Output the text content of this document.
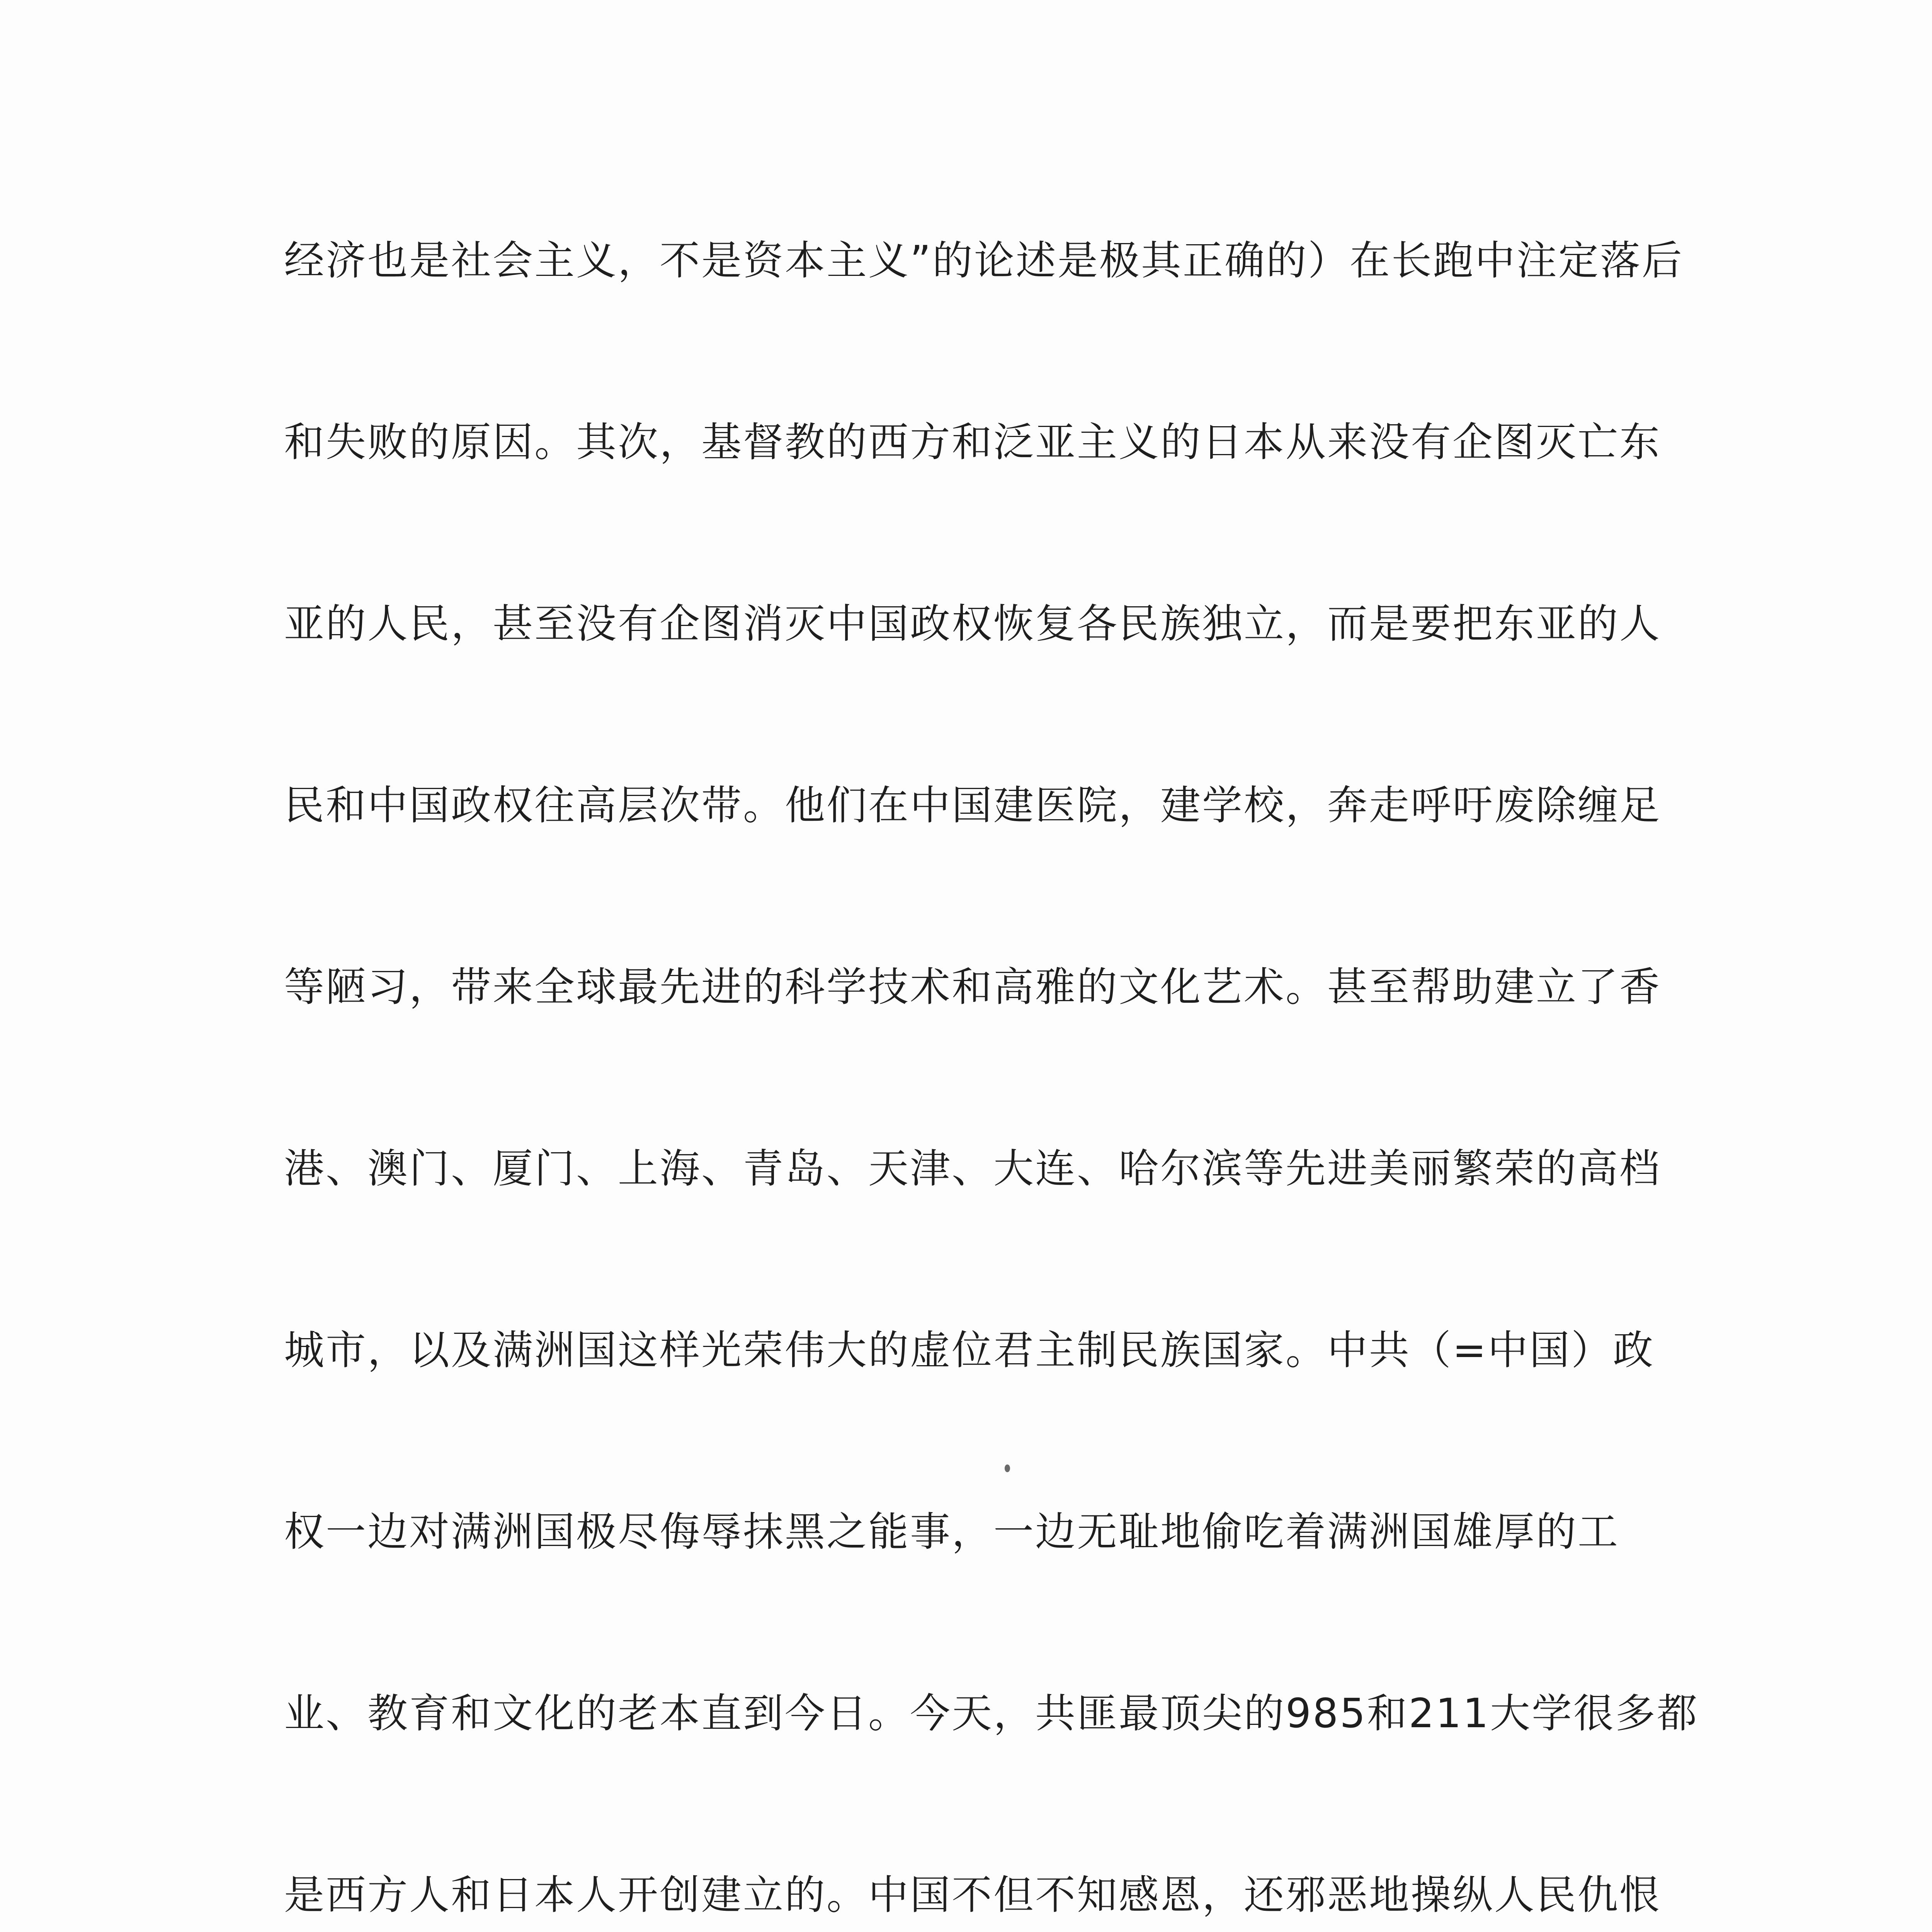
经济也是社会主义，不是资本主义”的论述是极其正确的）在长跑中注定落后
和失败的原因。其次，基督教的西方和泛亚主义的日本从来没有企图灭亡东
亚的人民，甚至没有企图消灭中国政权恢复各民族独立，而是要把东亚的人
民和中国政权往高层次带。他们在中国建医院，建学校，奔走呼吁废除缠足
等陋习，带来全球最先进的科学技术和高雅的文化艺术。甚至帮助建立了香
港、澳门、厦门、上海、青岛、天津、大连、哈尔滨等先进美丽繁荣的高档
城市，以及满洲国这样光荣伟大的虚位君主制民族国家。中共（=中国）政
权一边对满洲国极尽侮辱抹黑之能事，一边无耻地偷吃着满洲国雄厚的工
业、教育和文化的老本直到今日。今天，共匪最顶尖的985和211大学很多都
是西方人和日本人开创建立的。中国不但不知感恩，还邪恶地操纵人民仇恨
